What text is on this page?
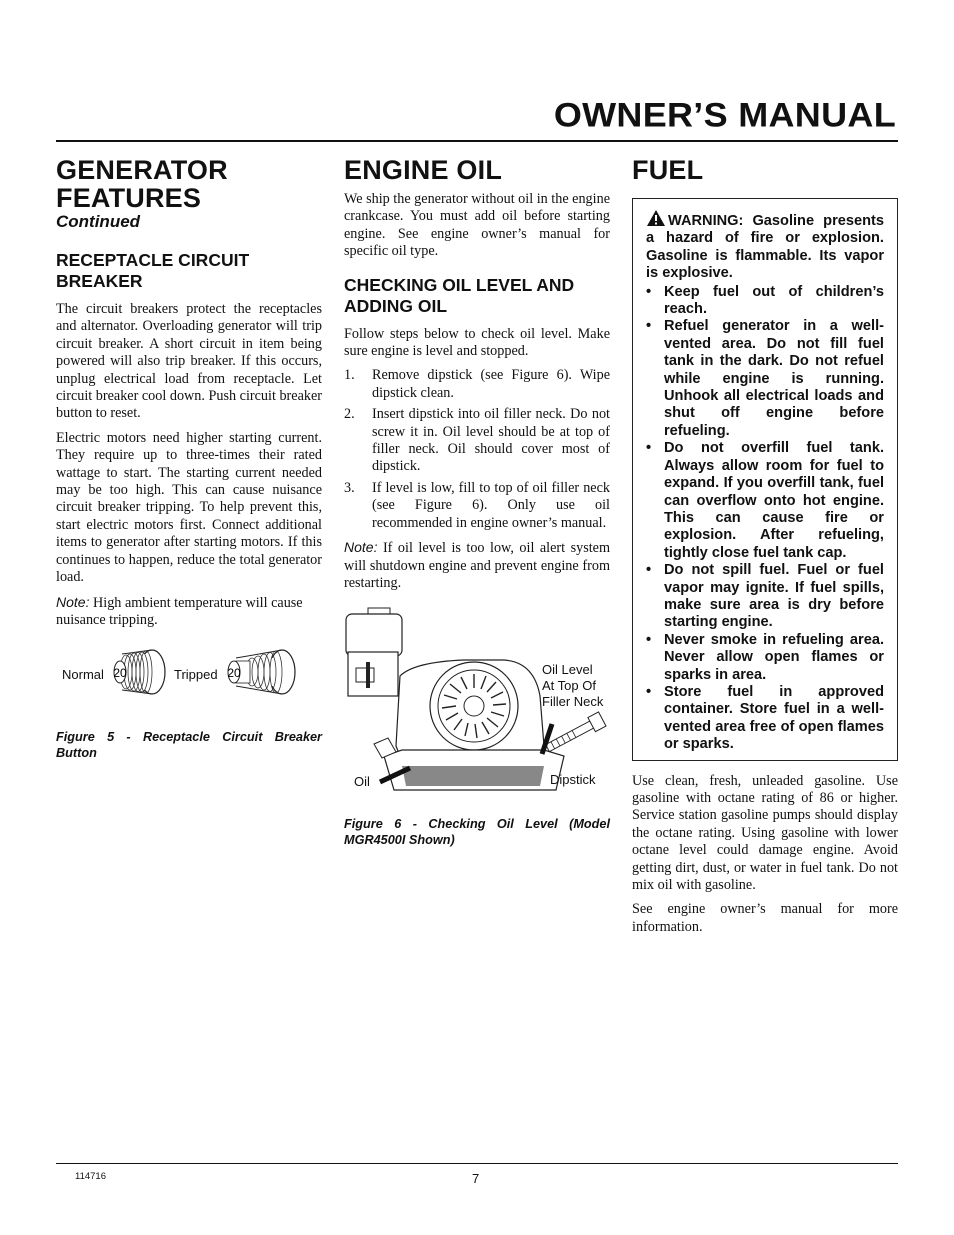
OWNER’S MANUAL
GENERATOR
FEATURES
Continued
RECEPTACLE CIRCUIT BREAKER

The circuit breakers protect the receptacles and alternator. Overloading generator will trip circuit breaker. A short circuit in item being powered will also trip breaker. If this occurs, unplug electrical load from receptacle. Let circuit breaker cool down. Push circuit breaker button to reset.

Electric motors need higher starting current. They require up to three-times their rated wattage to start. The starting current needed may be too high. This can cause nuisance circuit breaker tripping. To help prevent this, start electric motors first. Connect additional items to generator after starting motors. If this continues to happen, reduce the total generator load.

Note: High ambient temperature will cause nuisance tripping.

Normal 20	Tripped 20
Figure 5 - Receptacle Circuit Breaker Button
ENGINE OIL

We ship the generator without oil in the engine crankcase. You must add oil before starting engine. See engine owner’s manual for specific oil type.

CHECKING OIL LEVEL AND ADDING OIL

Follow steps below to check oil level. Make sure engine is level and stopped.

1.	Remove dipstick (see Figure 6). Wipe dipstick clean.
2.	Insert dipstick into oil filler neck. Do not screw it in. Oil level should be at top of filler neck. Oil should cover most of dipstick.
3.	If level is low, fill to top of oil filler neck (see Figure 6). Only use oil recommended in engine owner’s manual.

Note: If oil level is too low, oil alert system will shutdown engine and prevent engine from restarting.

Oil Level
At Top Of
Filler Neck
Oil	Dipstick
Figure 6 - Checking Oil Level (Model MGR4500I Shown)
FUEL

WARNING: Gasoline presents a hazard of fire or explosion. Gasoline is flammable. Its vapor is explosive.

• Keep fuel out of children’s reach.
• Refuel generator in a well-vented area. Do not fill fuel tank in the dark. Do not refuel while engine is running. Unhook all electrical loads and shut off engine before refueling.
• Do not overfill fuel tank. Always allow room for fuel to expand. If you overfill tank, fuel can overflow onto hot engine. This can cause fire or explosion. After refueling, tightly close fuel tank cap.
• Do not spill fuel. Fuel or fuel vapor may ignite. If fuel spills, make sure area is dry before starting engine.
• Never smoke in refueling area. Never allow open flames or sparks in area.
• Store fuel in approved container. Store fuel in a well-vented area free of open flames or sparks.

Use clean, fresh, unleaded gasoline. Use gasoline with octane rating of 86 or higher. Service station gasoline pumps should display the octane rating. Using gasoline with lower octane level could damage engine. Avoid getting dirt, dust, or water in fuel tank. Do not mix oil with gasoline.

See engine owner’s manual for more information.

114716	7
